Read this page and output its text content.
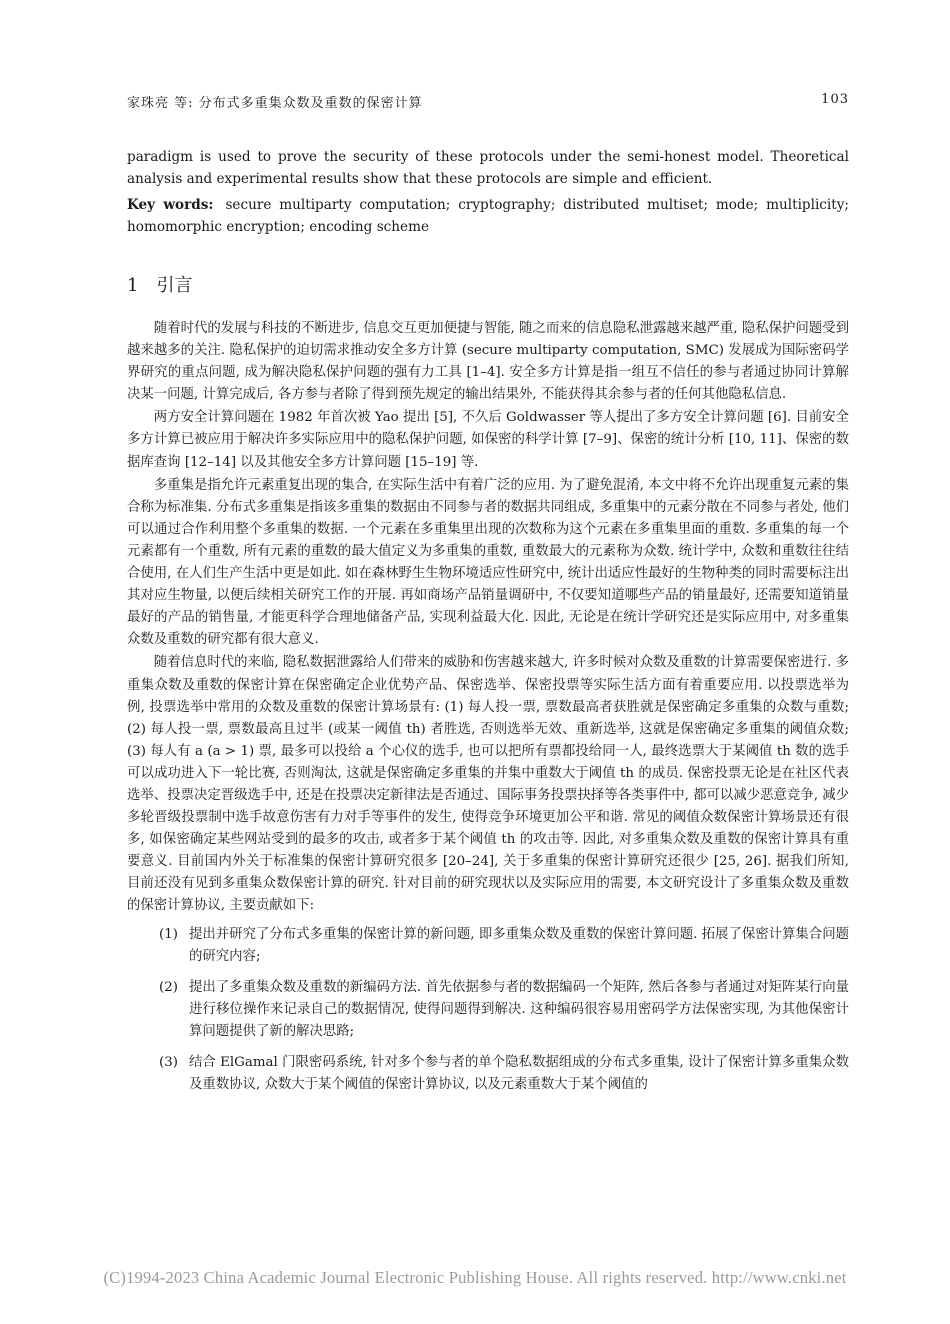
家珠亮 等: 分布式多重集众数及重数的保密计算	103
paradigm is used to prove the security of these protocols under the semi-honest model. Theoretical analysis and experimental results show that these protocols are simple and efficient.
Key words: secure multiparty computation; cryptography; distributed multiset; mode; multiplicity; homomorphic encryption; encoding scheme
1 引言

随着时代的发展与科技的不断进步, 信息交互更加便捷与智能, 随之而来的信息隐私泄露越来越严重, 隐私保护问题受到越来越多的关注. 隐私保护的迫切需求推动安全多方计算 (secure multiparty computation, SMC) 发展成为国际密码学界研究的重点问题, 成为解决隐私保护问题的强有力工具 [1–4]. 安全多方计算是指一组互不信任的参与者通过协同计算解决某一问题, 计算完成后, 各方参与者除了得到预先规定的输出结果外, 不能获得其余参与者的任何其他隐私信息.

两方安全计算问题在 1982 年首次被 Yao 提出 [5], 不久后 Goldwasser 等人提出了多方安全计算问题 [6]. 目前安全多方计算已被应用于解决许多实际应用中的隐私保护问题, 如保密的科学计算 [7–9]、保密的统计分析 [10, 11]、保密的数据库查询 [12–14] 以及其他安全多方计算问题 [15–19] 等.

多重集是指允许元素重复出现的集合, 在实际生活中有着广泛的应用. 为了避免混淆, 本文中将不允许出现重复元素的集合称为标准集. 分布式多重集是指该多重集的数据由不同参与者的数据共同组成, 多重集中的元素分散在不同参与者处, 他们可以通过合作利用整个多重集的数据. 一个元素在多重集里出现的次数称为这个元素在多重集里面的重数. 多重集的每一个元素都有一个重数, 所有元素的重数的最大值定义为多重集的重数, 重数最大的元素称为众数. 统计学中, 众数和重数往往结合使用, 在人们生产生活中更是如此. 如在森林野生生物环境适应性研究中, 统计出适应性最好的生物种类的同时需要标注出其对应生物量, 以便后续相关研究工作的开展. 再如商场产品销量调研中, 不仅要知道哪些产品的销量最好, 还需要知道销量最好的产品的销售量, 才能更科学合理地储备产品, 实现利益最大化. 因此, 无论是在统计学研究还是实际应用中, 对多重集众数及重数的研究都有很大意义.

随着信息时代的来临, 隐私数据泄露给人们带来的威胁和伤害越来越大, 许多时候对众数及重数的计算需要保密进行. 多重集众数及重数的保密计算在保密确定企业优势产品、保密选举、保密投票等实际生活方面有着重要应用. 以投票选举为例, 投票选举中常用的众数及重数的保密计算场景有: (1) 每人投一票, 票数最高者获胜就是保密确定多重集的众数与重数; (2) 每人投一票, 票数最高且过半 (或某一阈值 th) 者胜选, 否则选举无效、重新选举, 这就是保密确定多重集的阈值众数; (3) 每人有 a (a > 1) 票, 最多可以投给 a 个心仪的选手, 也可以把所有票都投给同一人, 最终选票大于某阈值 th 数的选手可以成功进入下一轮比赛, 否则淘汰, 这就是保密确定多重集的并集中重数大于阈值 th 的成员. 保密投票无论是在社区代表选举、投票决定晋级选手中, 还是在投票决定新律法是否通过、国际事务投票抉择等各类事件中, 都可以减少恶意竞争, 减少多轮晋级投票制中选手故意伤害有力对手等事件的发生, 使得竞争环境更加公平和谐. 常见的阈值众数保密计算场景还有很多, 如保密确定某些网站受到的最多的攻击, 或者多于某个阈值 th 的攻击等. 因此, 对多重集众数及重数的保密计算具有重要意义. 目前国内外关于标准集的保密计算研究很多 [20–24], 关于多重集的保密计算研究还很少 [25, 26]. 据我们所知, 目前还没有见到多重集众数保密计算的研究. 针对目前的研究现状以及实际应用的需要, 本文研究设计了多重集众数及重数的保密计算协议, 主要贡献如下:

(1) 提出并研究了分布式多重集的保密计算的新问题, 即多重集众数及重数的保密计算问题. 拓展了保密计算集合问题的研究内容;

(2) 提出了多重集众数及重数的新编码方法. 首先依据参与者的数据编码一个矩阵, 然后各参与者通过对矩阵某行向量进行移位操作来记录自己的数据情况, 使得问题得到解决. 这种编码很容易用密码学方法保密实现, 为其他保密计算问题提供了新的解决思路;

(3) 结合 ElGamal 门限密码系统, 针对多个参与者的单个隐私数据组成的分布式多重集, 设计了保密计算多重集众数及重数协议, 众数大于某个阈值的保密计算协议, 以及元素重数大于某个阈值的

(C)1994-2023 China Academic Journal Electronic Publishing House. All rights reserved. http://www.cnki.net
